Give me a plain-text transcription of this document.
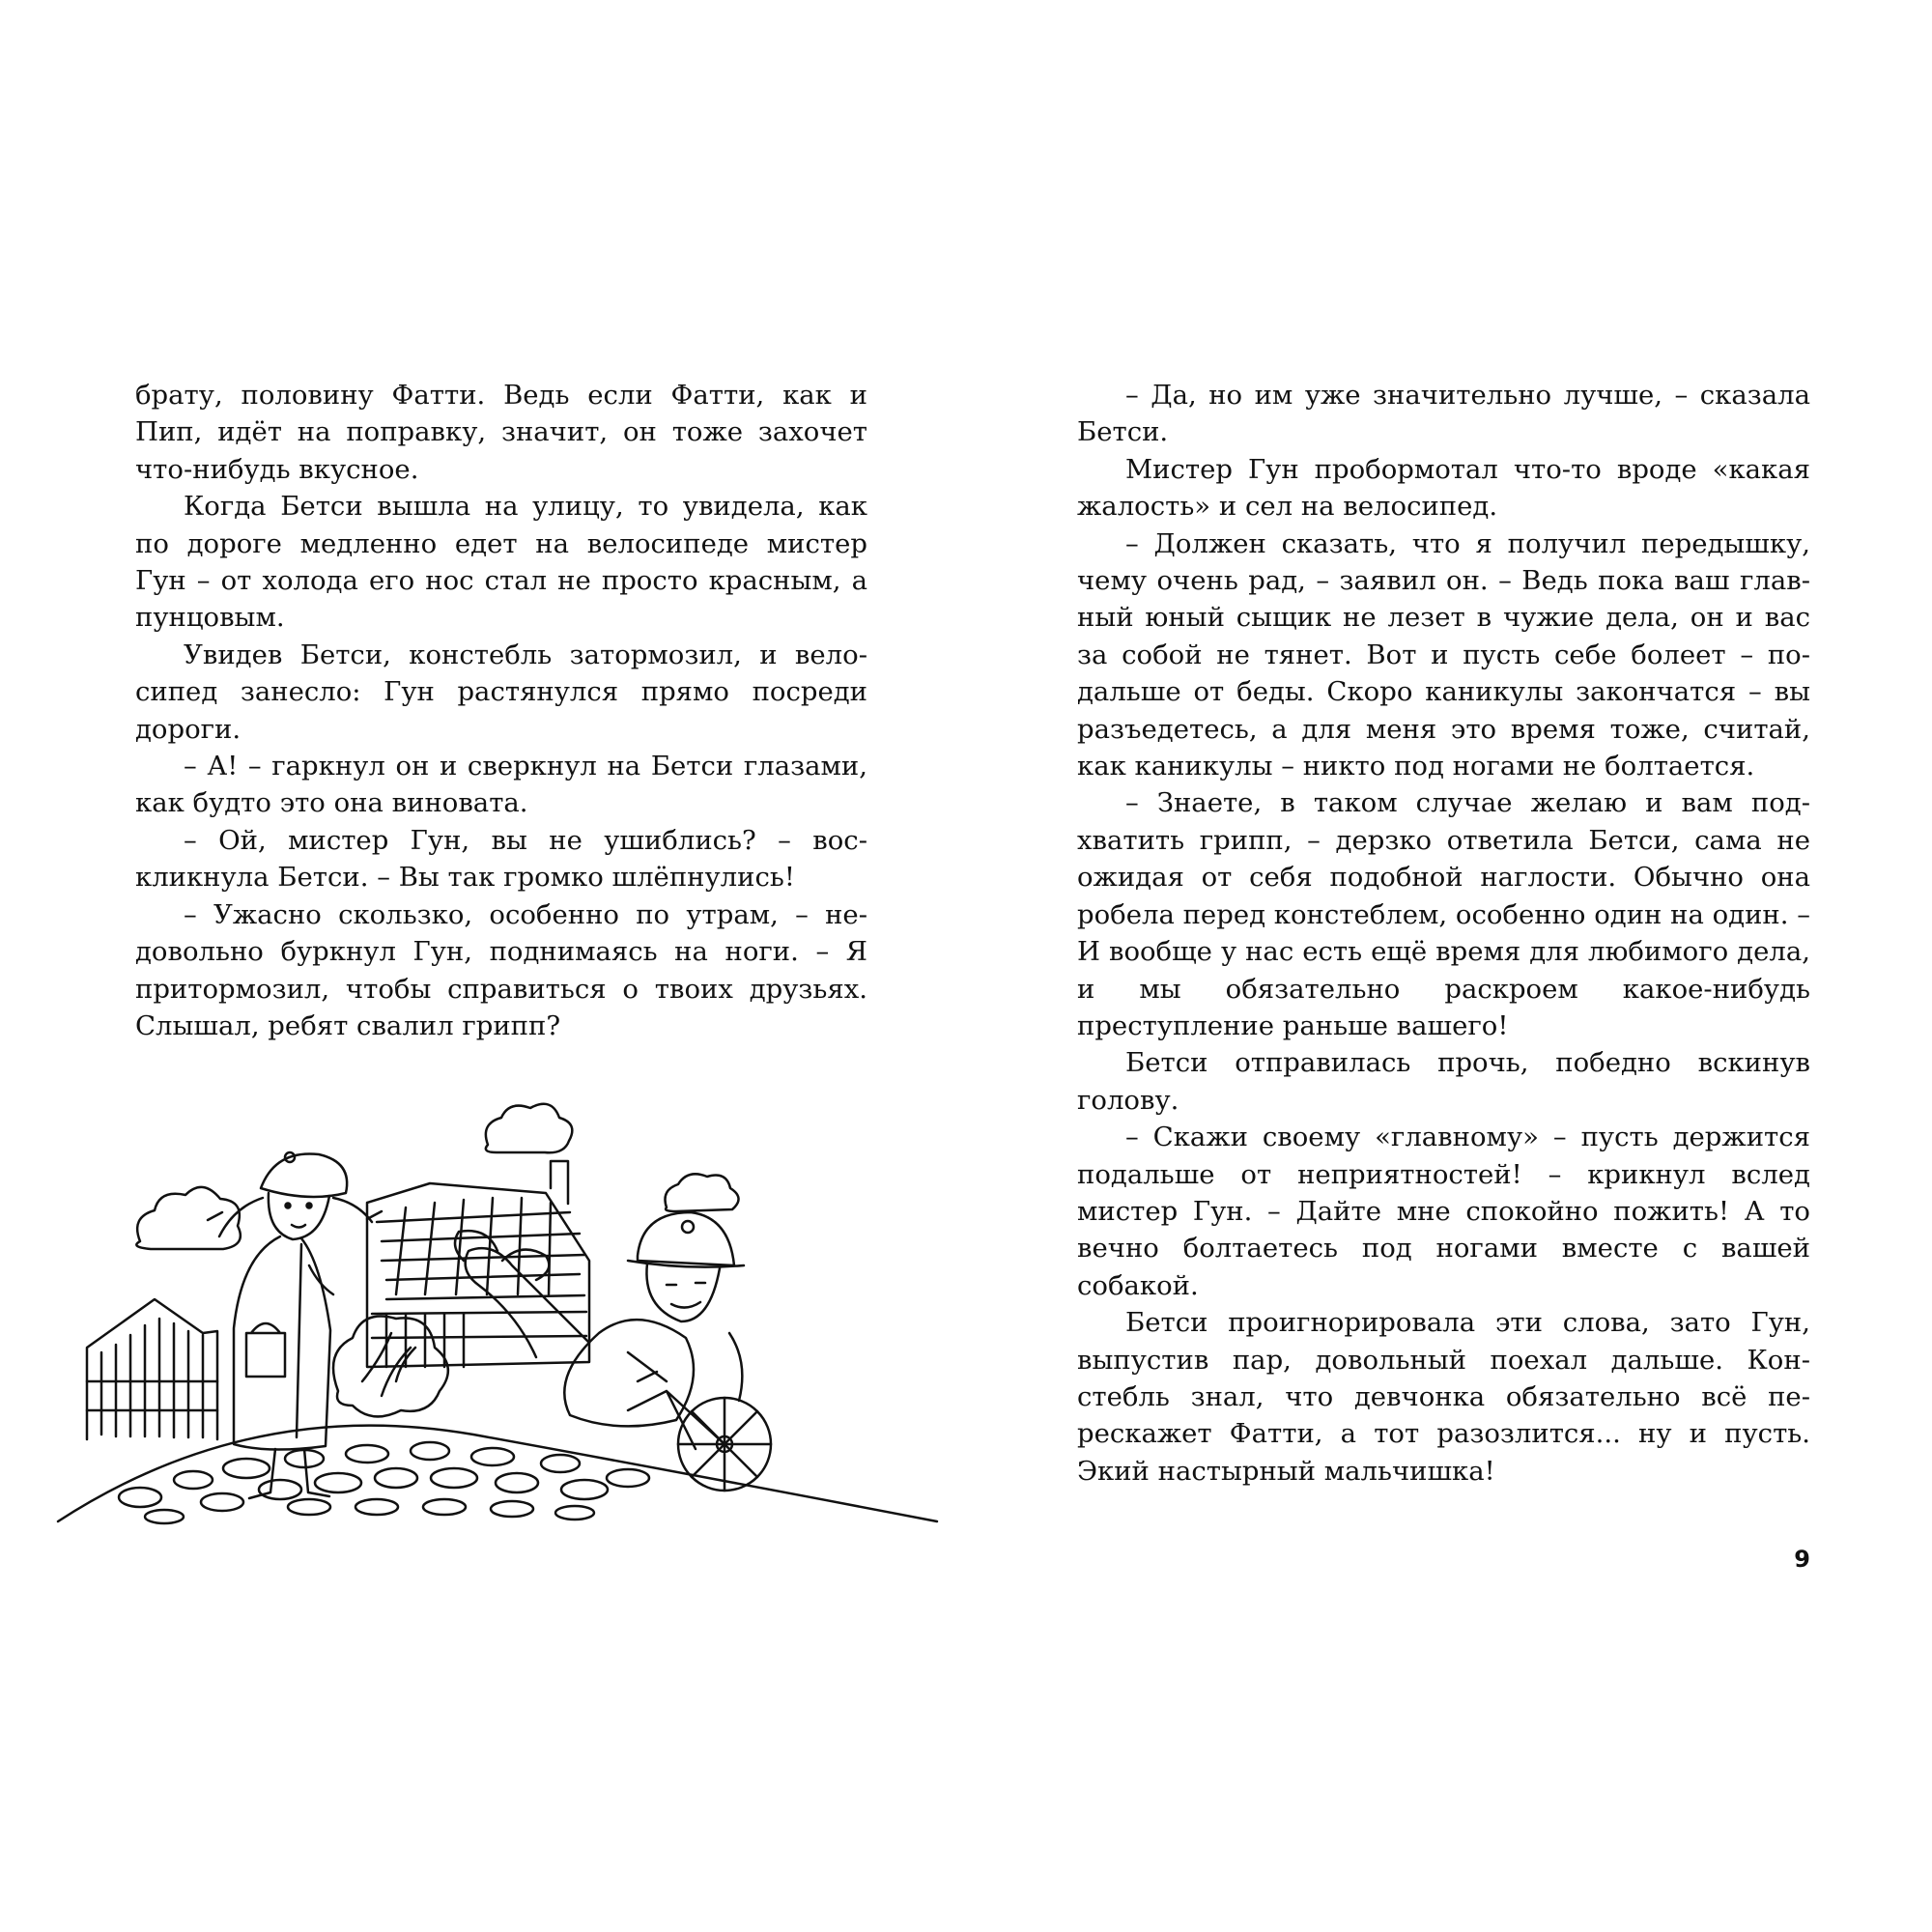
брату, половину Фатти. Ведь если Фатти, как и Пип, идёт на поправку, значит, он тоже захочет что-нибудь вкусное.

Когда Бетси вышла на улицу, то увидела, как по дороге медленно едет на велосипеде мистер Гун – от холода его нос стал не просто красным, а пунцовым.

Увидев Бетси, констебль затормозил, и велосипед занесло: Гун растянулся прямо посреди дороги.

– А! – гаркнул он и сверкнул на Бетси глазами, как будто это она виновата.

– Ой, мистер Гун, вы не ушиблись? – воскликнула Бетси. – Вы так громко шлёпнулись!

– Ужасно скользко, особенно по утрам, – недовольно буркнул Гун, поднимаясь на ноги. – Я притормозил, чтобы справиться о твоих друзьях. Слышал, ребят свалил грипп?

– Да, но им уже значительно лучше, – сказала Бетси.

Мистер Гун пробормотал что-то вроде «какая жалость» и сел на велосипед.

– Должен сказать, что я получил передышку, чему очень рад, – заявил он. – Ведь пока ваш главный юный сыщик не лезет в чужие дела, он и вас за собой не тянет. Вот и пусть себе болеет – подальше от беды. Скоро каникулы закончатся – вы разъедетесь, а для меня это время тоже, считай, как каникулы – никто под ногами не болтается.

– Знаете, в таком случае желаю и вам подхватить грипп, – дерзко ответила Бетси, сама не ожидая от себя подобной наглости. Обычно она робела перед констеблем, особенно один на один. – И вообще у нас есть ещё время для любимого дела, и мы обязательно раскроем какое-нибудь преступление раньше вашего!

Бетси отправилась прочь, победно вскинув голову.

– Скажи своему «главному» – пусть держится подальше от неприятностей! – крикнул вслед мистер Гун. – Дайте мне спокойно пожить! А то вечно болтаетесь под ногами вместе с вашей собакой.

Бетси проигнорировала эти слова, зато Гун, выпустив пар, довольный поехал дальше. Констебль знал, что девчонка обязательно всё перескажет Фатти, а тот разозлится... ну и пусть. Экий настырный мальчишка!

9
